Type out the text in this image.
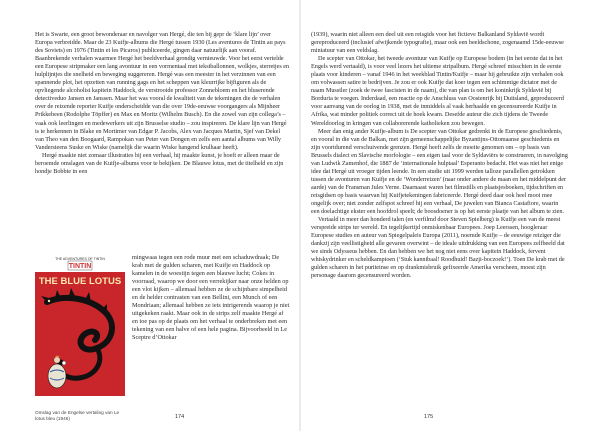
Het is Swarte, een groot bewonderaar en navolger van Hergé, die ten bij gepr de ‘klare lijn’ over Europa verbreidde. Maar de 23 Kuifje-albums die Hergé tussen 1930 (Les aventures de Tintin au pays des Soviets) en 1976 (Tintin et les Picaros) publiceerde, gingen daar natuurlijk aan vooraf. Baanbrekende verhalen waarmee Hergé het beeldverhaal grondig vernieuwde. Voor het eerst vertelde een Europese stripmaker een lang avontuur in een vormentaal met tekstballonnen, wolkjes, sterretjes en hulplijntjes die snelheid en beweging suggereren. Hergé was een meester in het verzinnen van een spannende plot, het opzetten van running gags en het scheppen van kleurrijke bijfiguren als de opvliegende alcoholist kapitein Haddock, de verstrooide professor Zonnebloem en het bluserende detectiveduo Jansen en Janssen. Maar het was vooral de kwaliteit van de tekeningen die de verhalen over de reizende reporter Kuifje onderscheidde van die over 19de-eeuwse voorgangers als Mijnheer Prikkebeen (Rodolphe Töpffer) en Max en Moritz (Wilhelm Busch). En die zowel van zijn collega’s – vaak ook leerlingen en medewerkers uit zijn Brusselse studio – zou inspireren. De klare lijn van Hergé is te herkennen in Blake en Mortimer van Edgar P. Jacobs, Alex van Jacques Martin, Sjef van Dekel van Theo van den Boogaard, Rampokan van Peter van Dongen en zelfs een aantal albums van Willy Vandersteens Suske en Wiske (namelijk die waarin Wiske hangend krulhaar heeft).

Hergé maakte niet zomaar illustraties bij een verhaal, hij maakte kunst, je hoeft er alleen maar de beroemde omslagen van de Kuifje-albums voor te bekijken. De Blauwe lotus, met de titelheld en zijn hondje Bobbie in een

THE ADVENTURES OF TINTIN
TINTIN
THE BLUE LOTUS

mingwaas tegen een rode muur met een schaduwdraak; De krab met de gulden scharen, met Kuifje en Haddock op kamelen in de woestijn tegen een blauwe lucht; Cokes in voorraad, waarop we door een verrekijker naar onze helden op een vlot kijken – allemaal hebben ze de schijnbare simpelheid en de helder contrasten van een Bellini, een Munch of een Mondriaan; allemaal hebben ze iets intrigerends waarop je niet uitgekeken raakt. Maar ook in de strips zelf maakte Hergé af en toe pas op de plaats om het verhaal te onderbreken met een tekening van een halve of een hele pagina. Bijvoorbeeld in Le Sceptre d’Ottokar

Omslag van de Engelse vertaling van Le lotus bleu (1946)	174

(1939), waarin niet alleen een deel uit een reisgids voor het fictieve Balkanland Syldavië wordt gereproduceerd (inclusief afwijkende typografie), maar ook een beeldschone, zogenaamd 15de-eeuwse miniatuur van een veldslag.

De scepter van Ottokar, het tweede avontuur van Kuifje op Europese bodem (in het eerste dat in het Engels werd vertaald), is voor veel lezers het ultieme stripalbum. Hergé schreef misschien in de eerste plaats voor kinderen – vanaf 1946 in het weekblad Tintin/Kuifje – maar hij gebruikte zijn verhalen ook om volwassen satire te bedrijven. Je zou er ook Kuifje dat koer tegen een schimmige dictator met de naam Musstler (zoek de twee fascisten in de naam), die van plan is om het koninkrijk Syldavië bij Borduria te voegen. Inderdaad, een reactie op de Anschluss van Oostenrijk bij Duitsland, geproduceerd voor aanvang van de oorlog in 1938, met de inmiddels al vaak herhaalde en gecensureerde Kuifje in Afrika, wat minder politiek correct uit de hoek kwam. Desefde auteur die zich tijdens de Tweede Wereldoorlog in kringen van collaborerende katholieken zou bewegen.

Meer dan enig ander Kuifje-album is De scepter van Ottokar gedrenkt in de Europese geschiedenis, en vooral in die van de Balkan, met zijn gemeenschappelijke Byzantijns-Ottomaanse geschiedenis en zijn voortdurend verschuivende grenzen. Hergé heeft zelfs de moeite genomen om – op basis van Brussels dialect en Slavische morfologie – een eigen taal voor de Syldaviërs te construeren, in navolging van Ludwik Zamenhof, die 1887 de ‘internationale hulptaal’ Esperanto bedacht. Het was niet het enige idee dat Hergé uit vroeger tijden leende. In een studie uit 1999 werden talloze parallellen getrokken tussen de avonturen van Kuifje en de ‘Wonderreizen’ (naar onder andere de maan en het middelpunt der aarde) van de Fransman Jules Verne. Daarnaast waren het filmstills en plaatsjesboeken, tijdschriften en reisgidsen op basis waarvan hij Kuifjetekeningen fabriceerde. Hergé deed daar ook heel mooi mee ongelijk over; niet zonder zelfspot schreef hij een verhaal, De juwelen van Bianca Castafiore, waarin een doelachtige ekster een hoofdrol speelt; de boosdoener is op het eerste plaatje van het album te zien.

Vertaald in meer dan honderd talen (en verfilmd door Steven Spielberg) is Kuifje een van de meest verspreide strips ter wereld. En tegelijkertijd onmiskenbaar Europees. Joep Leerssen, hoogleraar Europese studies en auteur van Spiegelpaleis Europa (2011), noemde Kuifje – de eeuwige reiziger die dankzij zijn veellistigheid alle gevaren overwint – de ideale uitdrukking van een Europees zelfbeeld dat we sinds Odysseus hebben. En dan hebben we het nog niet eens over kapitein Haddock, fervent whiskydrinker en scheldkampioen (‘Stuk kannibaal! Roodhuid! Bazji-boczoek!’). Toen De krab met de gulden scharen in het puriteinse en op drankmisbruik gefixeerde Amerika verscheen, moest zijn personage daarom gecensureerd worden.

175
